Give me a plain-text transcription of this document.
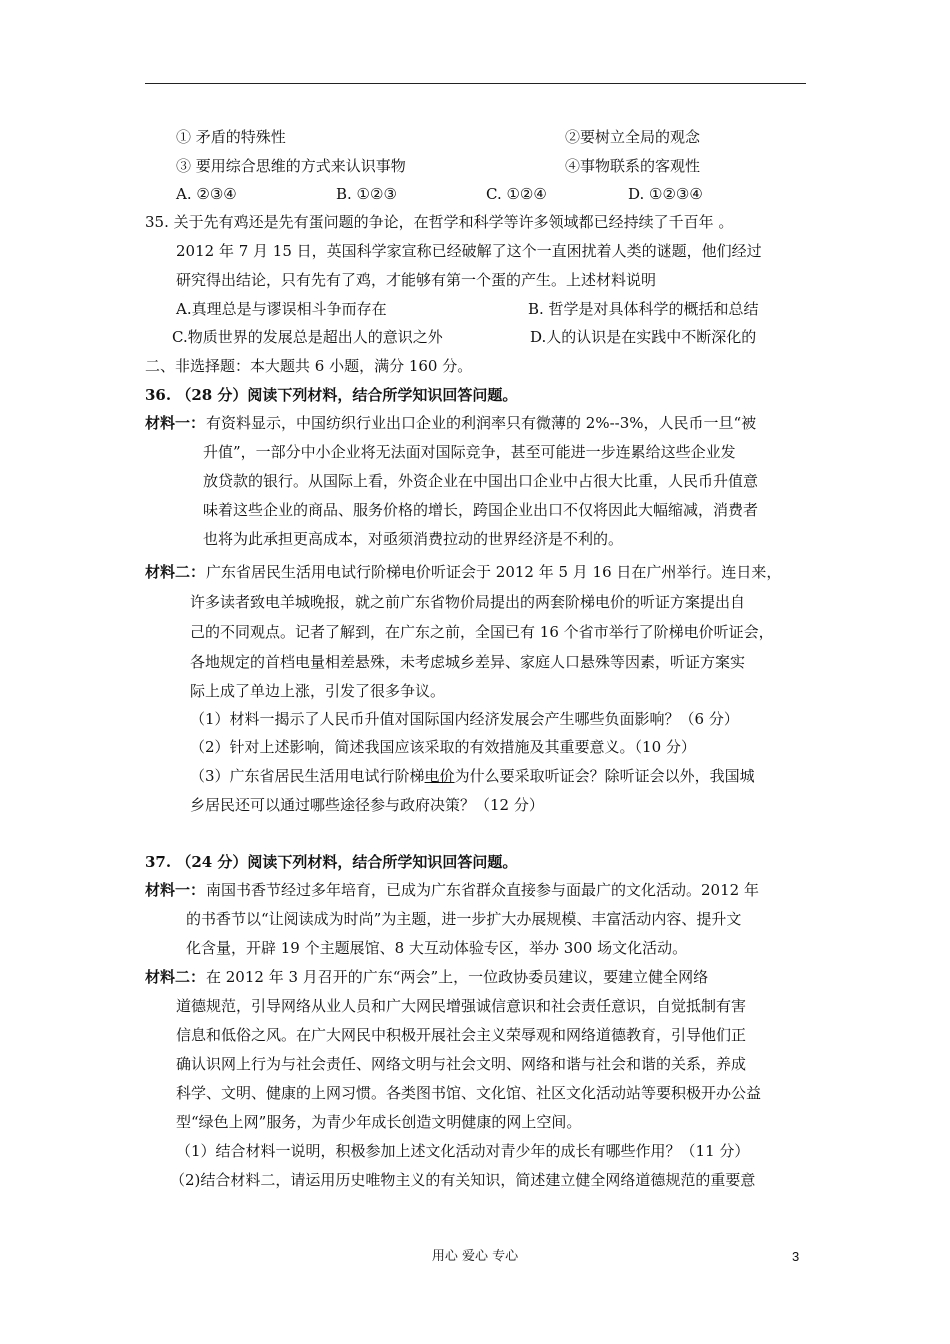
① 矛盾的特殊性	②要树立全局的观念
③ 要用综合思维的方式来认识事物	④事物联系的客观性
A. ②③④	B. ①②③	C. ①②④	D. ①②③④
35. 关于先有鸡还是先有蛋问题的争论，在哲学和科学等许多领域都已经持续了千百年 。
2012 年 7 月 15 日，英国科学家宣称已经破解了这个一直困扰着人类的谜题，他们经过
研究得出结论，只有先有了鸡，才能够有第一个蛋的产生。上述材料说明
A.真理总是与谬误相斗争而存在	B. 哲学是对具体科学的概括和总结
C.物质世界的发展总是超出人的意识之外	D.人的认识是在实践中不断深化的
二、非选择题：本大题共 6 小题，满分 160 分。
36. （28 分）阅读下列材料，结合所学知识回答问题。
材料一： 有资料显示，中国纺织行业出口企业的利润率只有微薄的 2%--3%，人民币一旦“被
升值”，一部分中小企业将无法面对国际竞争，甚至可能进一步连累给这些企业发
放贷款的银行。从国际上看，外资企业在中国出口企业中占很大比重，人民币升值意
味着这些企业的商品、服务价格的增长，跨国企业出口不仅将因此大幅缩减，消费者
也将为此承担更高成本，对亟须消费拉动的世界经济是不利的。
材料二： 广东省居民生活用电试行阶梯电价听证会于 2012 年 5 月 16 日在广州举行。连日来，
许多读者致电羊城晚报，就之前广东省物价局提出的两套阶梯电价的听证方案提出自
己的不同观点。记者了解到，在广东之前，全国已有 16 个省市举行了阶梯电价听证会，
各地规定的首档电量相差悬殊，未考虑城乡差异、家庭人口悬殊等因素，听证方案实
际上成了单边上涨，引发了很多争议。
（1）材料一揭示了人民币升值对国际国内经济发展会产生哪些负面影响？（6 分）
（2）针对上述影响，简述我国应该采取的有效措施及其重要意义。（10 分）
（3）广东省居民生活用电试行阶梯电价为什么要采取听证会？除听证会以外，我国城
乡居民还可以通过哪些途径参与政府决策？（12 分）
37. （24 分）阅读下列材料，结合所学知识回答问题。
材料一： 南国书香节经过多年培育，已成为广东省群众直接参与面最广的文化活动。2012 年
的书香节以“让阅读成为时尚”为主题，进一步扩大办展规模、丰富活动内容、提升文
化含量，开辟 19 个主题展馆、8 大互动体验专区，举办 300 场文化活动。
材料二： 在 2012 年 3 月召开的广东“两会”上，一位政协委员建议，要建立健全网络
道德规范，引导网络从业人员和广大网民增强诚信意识和社会责任意识，自觉抵制有害
信息和低俗之风。在广大网民中积极开展社会主义荣辱观和网络道德教育，引导他们正
确认识网上行为与社会责任、网络文明与社会文明、网络和谐与社会和谐的关系，养成
科学、文明、健康的上网习惯。各类图书馆、文化馆、社区文化活动站等要积极开办公益
型“绿色上网”服务，为青少年成长创造文明健康的网上空间。
（1）结合材料一说明，积极参加上述文化活动对青少年的成长有哪些作用？（11 分）
（2)结合材料二，请运用历史唯物主义的有关知识，简述建立健全网络道德规范的重要意
用心 爱心 专心	3
